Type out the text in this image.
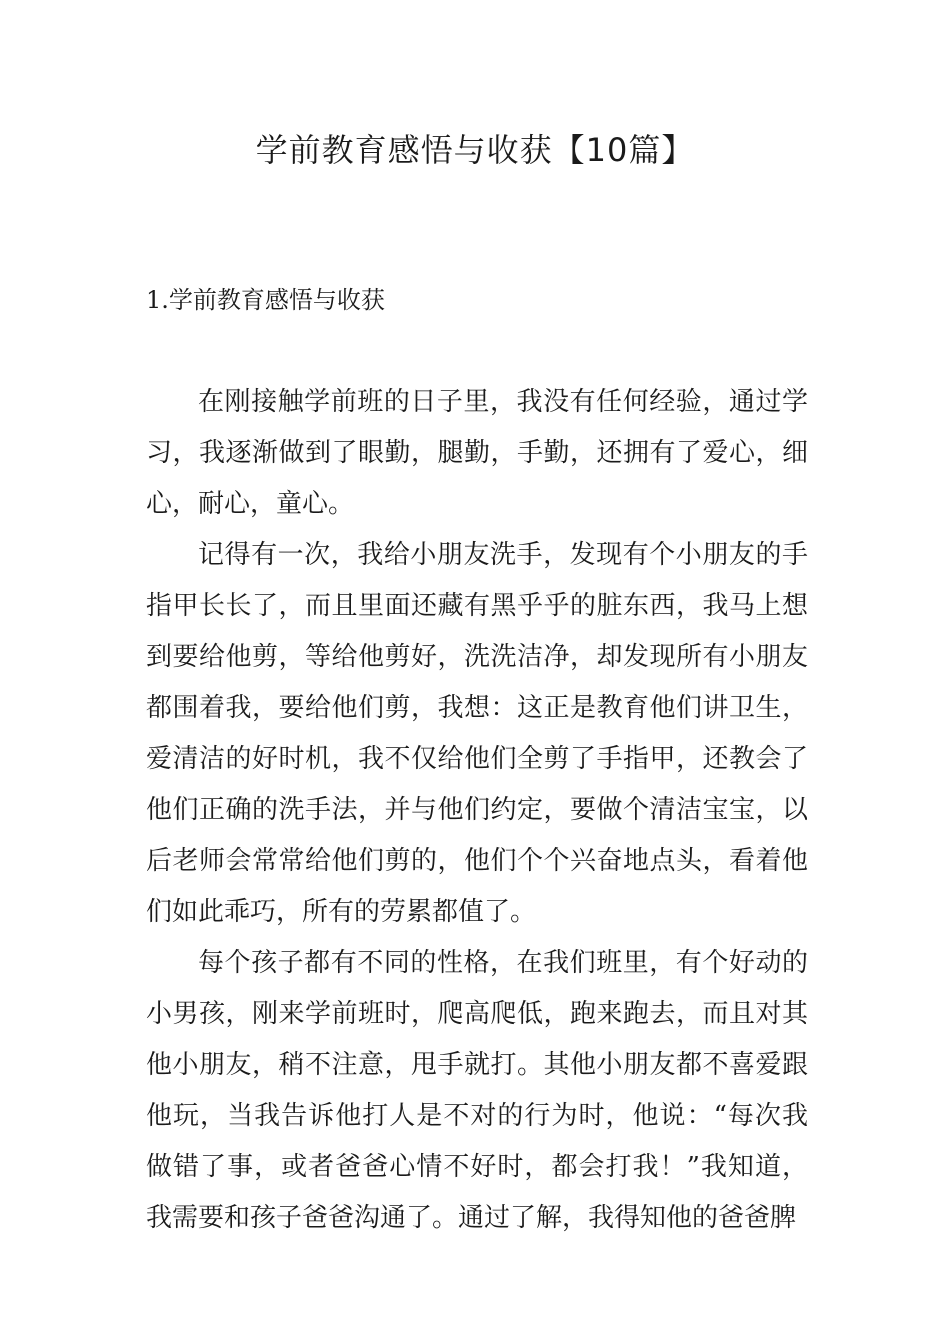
学前教育感悟与收获【10篇】
1.学前教育感悟与收获

在刚接触学前班的日子里，我没有任何经验，通过学习，我逐渐做到了眼勤，腿勤，手勤，还拥有了爱心，细心，耐心，童心。

记得有一次，我给小朋友洗手，发现有个小朋友的手指甲长长了，而且里面还藏有黑乎乎的脏东西，我马上想到要给他剪，等给他剪好，洗洗洁净，却发现所有小朋友都围着我，要给他们剪，我想：这正是教育他们讲卫生，爱清洁的好时机，我不仅给他们全剪了手指甲，还教会了他们正确的洗手法，并与他们约定，要做个清洁宝宝，以后老师会常常给他们剪的，他们个个兴奋地点头，看着他们如此乖巧，所有的劳累都值了。

每个孩子都有不同的性格，在我们班里，有个好动的小男孩，刚来学前班时，爬高爬低，跑来跑去，而且对其他小朋友，稍不注意，甩手就打。其他小朋友都不喜爱跟他玩，当我告诉他打人是不对的行为时，他说：“每次我做错了事，或者爸爸心情不好时，都会打我！”我知道，我需要和孩子爸爸沟通了。通过了解，我得知他的爸爸脾
